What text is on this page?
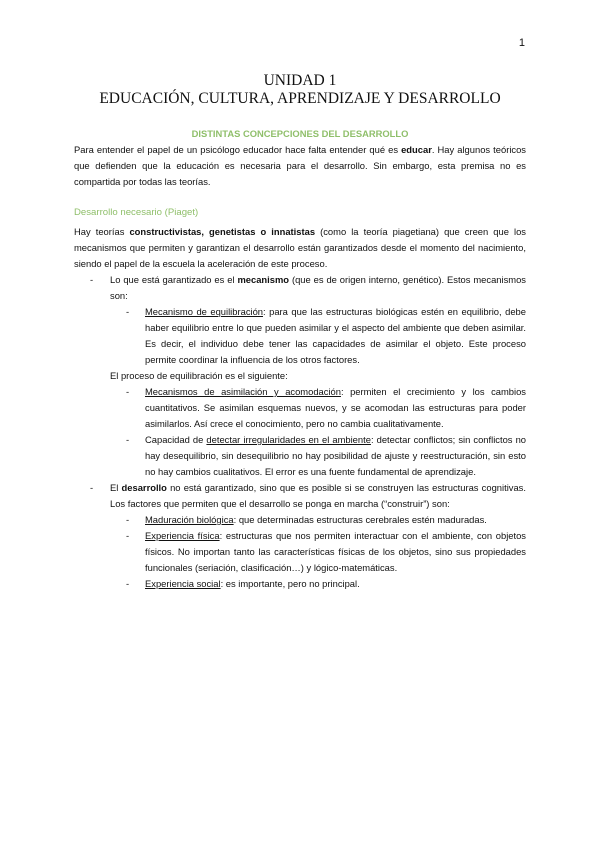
1
UNIDAD 1
EDUCACIÓN, CULTURA, APRENDIZAJE Y DESARROLLO
DISTINTAS CONCEPCIONES DEL DESARROLLO

Para entender el papel de un psicólogo educador hace falta entender qué es educar. Hay algunos teóricos que defienden que la educación es necesaria para el desarrollo. Sin embargo, esta premisa no es compartida por todas las teorías.

Desarrollo necesario (Piaget)

Hay teorías constructivistas, genetistas o innatistas (como la teoría piagetiana) que creen que los mecanismos que permiten y garantizan el desarrollo están garantizados desde el momento del nacimiento, siendo el papel de la escuela la aceleración de este proceso.

-	Lo que está garantizado es el mecanismo (que es de origen interno, genético). Estos mecanismos son:
-	Mecanismo de equilibración: para que las estructuras biológicas estén en equilibrio, debe haber equilibrio entre lo que pueden asimilar y el aspecto del ambiente que deben asimilar. Es decir, el individuo debe tener las capacidades de asimilar el objeto. Este proceso permite coordinar la influencia de los otros factores.
El proceso de equilibración es el siguiente:
-	Mecanismos de asimilación y acomodación: permiten el crecimiento y los cambios cuantitativos. Se asimilan esquemas nuevos, y se acomodan las estructuras para poder asimilarlos. Así crece el conocimiento, pero no cambia cualitativamente.
-	Capacidad de detectar irregularidades en el ambiente: detectar conflictos; sin conflictos no hay desequilibrio, sin desequilibrio no hay posibilidad de ajuste y reestructuración, sin esto no hay cambios cualitativos. El error es una fuente fundamental de aprendizaje.
-	El desarrollo no está garantizado, sino que es posible si se construyen las estructuras cognitivas. Los factores que permiten que el desarrollo se ponga en marcha (“construir”) son:
-	Maduración biológica: que determinadas estructuras cerebrales estén maduradas.
-	Experiencia física: estructuras que nos permiten interactuar con el ambiente, con objetos físicos. No importan tanto las características físicas de los objetos, sino sus propiedades funcionales (seriación, clasificación…) y lógico-matemáticas.
-	Experiencia social: es importante, pero no principal.
